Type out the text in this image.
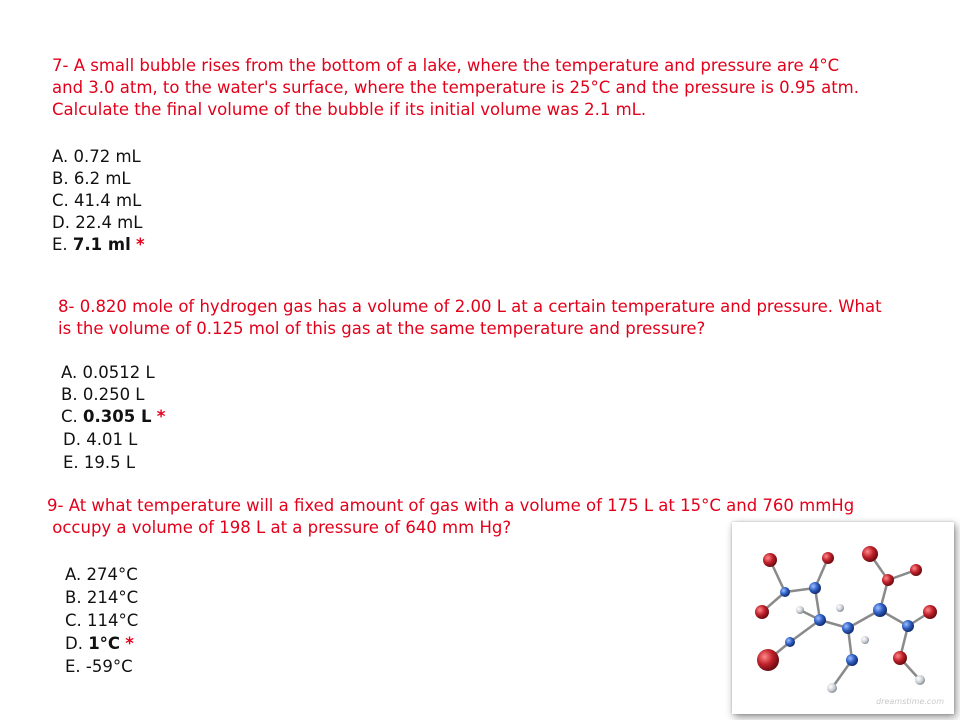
7- A small bubble rises from the bottom of a lake, where the temperature and pressure are 4°C
and 3.0 atm, to the water's surface, where the temperature is 25°C and the pressure is 0.95 atm.
Calculate the final volume of the bubble if its initial volume was 2.1 mL.
A. 0.72 mL
B. 6.2 mL
C. 41.4 mL
D. 22.4 mL
E. 7.1 ml *
8- 0.820 mole of hydrogen gas has a volume of 2.00 L at a certain temperature and pressure. What
is the volume of 0.125 mol of this gas at the same temperature and pressure?
A. 0.0512 L
B. 0.250 L
C. 0.305 L *
D. 4.01 L
E. 19.5 L
9- At what temperature will a fixed amount of gas with a volume of 175 L at 15°C and 760 mmHg
occupy a volume of 198 L at a pressure of 640 mm Hg?
A. 274°C
B. 214°C
C. 114°C
D. 1°C *
E. -59°C
dreamstime.com
